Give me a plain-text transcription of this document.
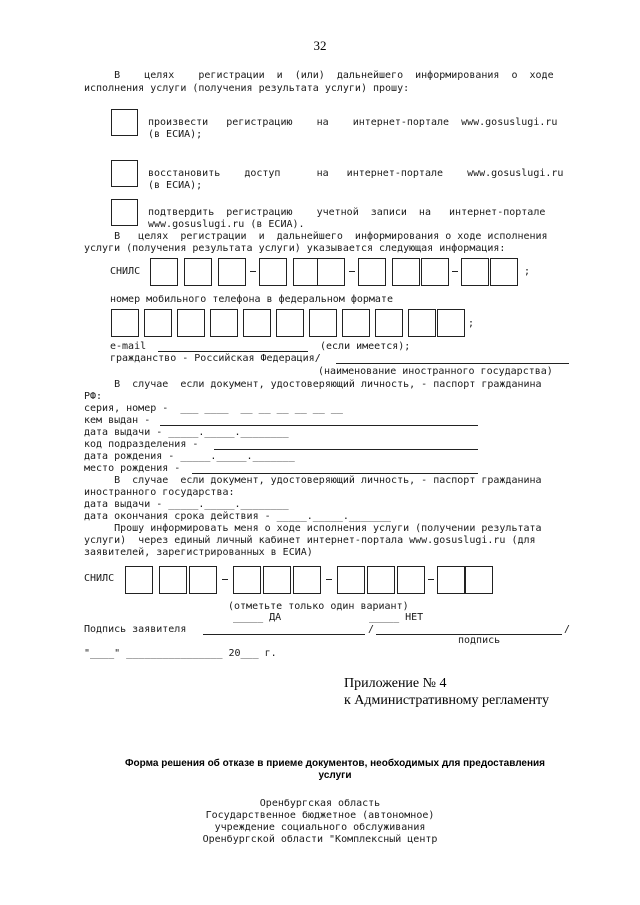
32
В    целях    регистрации  и  (или)  дальнейшего  информирования  о  ходе
исполнения услуги (получения результата услуги) прошу:
произвести   регистрацию    на    интернет-портале  www.gosuslugi.ru
(в ЕСИА);
восстановить    доступ      на   интернет-портале    www.gosuslugi.ru
(в ЕСИА);
подтвердить  регистрацию    учетной  записи  на   интернет-портале
www.gosuslugi.ru (в ЕСИА).
В   целях  регистрации  и  дальнейшего  информирования о ходе исполнения
услуги (получения результата услуги) указывается следующая информация:
СНИЛС	;
номер мобильного телефона в федеральном формате
;
e-mail	(если имеется);
гражданство - Российская Федерация/
(наименование иностранного государства)
В  случае  если документ, удостоверяющий личность, - паспорт гражданина
РФ:
серия, номер -  ___ ____  __ __ __ __ __ __
кем выдан -
дата выдачи - _____._____.________
код подразделения -
дата рождения - _____._____._______
место рождения -
В  случае  если документ, удостоверяющий личность, - паспорт гражданина
иностранного государства:
дата выдачи - _____._____.________
дата окончания срока действия - _____._____._______
Прошу информировать меня о ходе исполнения услуги (получении результата
услуги)  через единый личный кабинет интернет-портала www.gosuslugi.ru (для
заявителей, зарегистрированных в ЕСИА)
СНИЛС
(отметьте только один вариант)
_____ ДА	_____ НЕТ
Подпись заявителя	/	/
подпись
"____" ________________ 20___ г.
Приложение № 4
к Административному регламенту
Форма решения об отказе в приеме документов, необходимых для предоставления
услуги
Оренбургская область
Государственное бюджетное (автономное)
учреждение социального обслуживания
Оренбургской области "Комплексный центр
